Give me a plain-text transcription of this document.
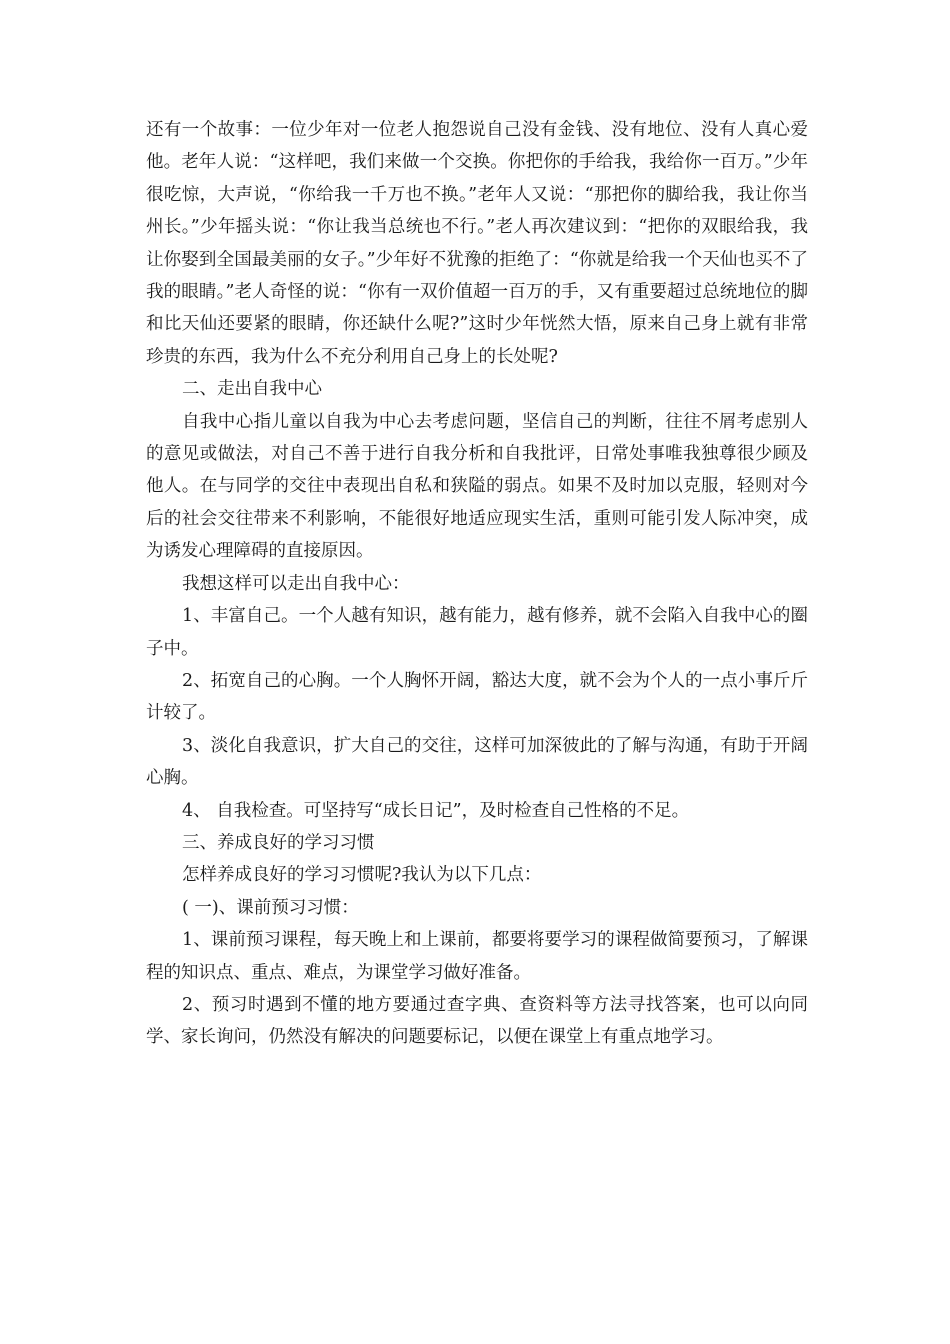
还有一个故事：一位少年对一位老人抱怨说自己没有金钱、没有地位、没有人真心爱他。老年人说：“这样吧，我们来做一个交换。你把你的手给我，我给你一百万。”少年很吃惊，大声说，“你给我一千万也不换。”老年人又说：“那把你的脚给我，我让你当州长。”少年摇头说：“你让我当总统也不行。”老人再次建议到：“把你的双眼给我，我让你娶到全国最美丽的女子。”少年好不犹豫的拒绝了：“你就是给我一个天仙也买不了我的眼睛。”老人奇怪的说：“你有一双价值超一百万的手，又有重要超过总统地位的脚和比天仙还要紧的眼睛，你还缺什么呢?”这时少年恍然大悟，原来自己身上就有非常珍贵的东西，我为什么不充分利用自己身上的长处呢?

二、走出自我中心

自我中心指儿童以自我为中心去考虑问题，坚信自己的判断，往往不屑考虑别人的意见或做法，对自己不善于进行自我分析和自我批评，日常处事唯我独尊很少顾及他人。在与同学的交往中表现出自私和狭隘的弱点。如果不及时加以克服，轻则对今后的社会交往带来不利影响，不能很好地适应现实生活，重则可能引发人际冲突，成为诱发心理障碍的直接原因。

我想这样可以走出自我中心：

1、丰富自己。一个人越有知识，越有能力，越有修养，就不会陷入自我中心的圈子中。

2、拓宽自己的心胸。一个人胸怀开阔，豁达大度，就不会为个人的一点小事斤斤计较了。

3、淡化自我意识，扩大自己的交往，这样可加深彼此的了解与沟通，有助于开阔心胸。

4、 自我检查。可坚持写“成长日记”，及时检查自己性格的不足。

三、养成良好的学习习惯

怎样养成良好的学习习惯呢?我认为以下几点：

( 一)、课前预习习惯：

1、课前预习课程，每天晚上和上课前，都要将要学习的课程做简要预习，了解课程的知识点、重点、难点，为课堂学习做好准备。

2、预习时遇到不懂的地方要通过查字典、查资料等方法寻找答案，也可以向同学、家长询问，仍然没有解决的问题要标记，以便在课堂上有重点地学习。
